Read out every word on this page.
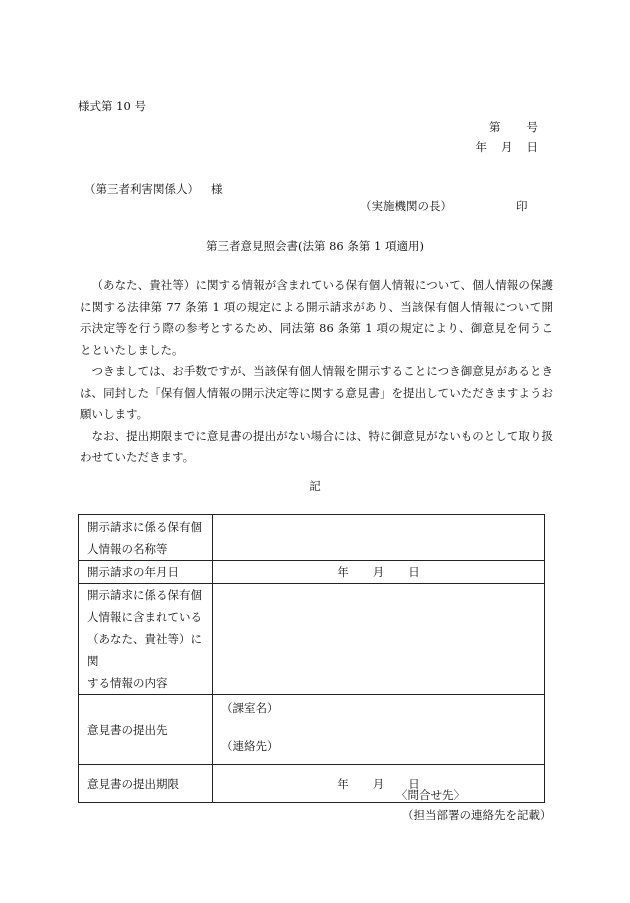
様式第 10 号
第 号
年 月 日
（第三者利害関係人） 様
（実施機関の長）	印
第三者意見照会書(法第 86 条第 1 項適用)

（あなた、貴社等）に関する情報が含まれている保有個人情報について、個人情報の保護に関する法律第 77 条第 1 項の規定による開示請求があり、当該保有個人情報について開示決定等を行う際の参考とするため、同法第 86 条第 1 項の規定により、御意見を伺うことといたしました。

つきましては、お手数ですが、当該保有個人情報を開示することにつき御意見があるときは、同封した「保有個人情報の開示決定等に関する意見書」を提出していただきますようお願いします。

なお、提出期限までに意見書の提出がない場合には、特に御意見がないものとして取り扱わせていただきます。

記
開示請求に係る保有個
人情報の名称等	

開示請求の年月日	年 月 日

開示請求に係る保有個
人情報に含まれている
（あなた、貴社等）に関
する情報の内容	

意見書の提出先	（課室名）
（連絡先）

意見書の提出期限	年 月 日
〈問合せ先〉
（担当部署の連絡先を記載）
